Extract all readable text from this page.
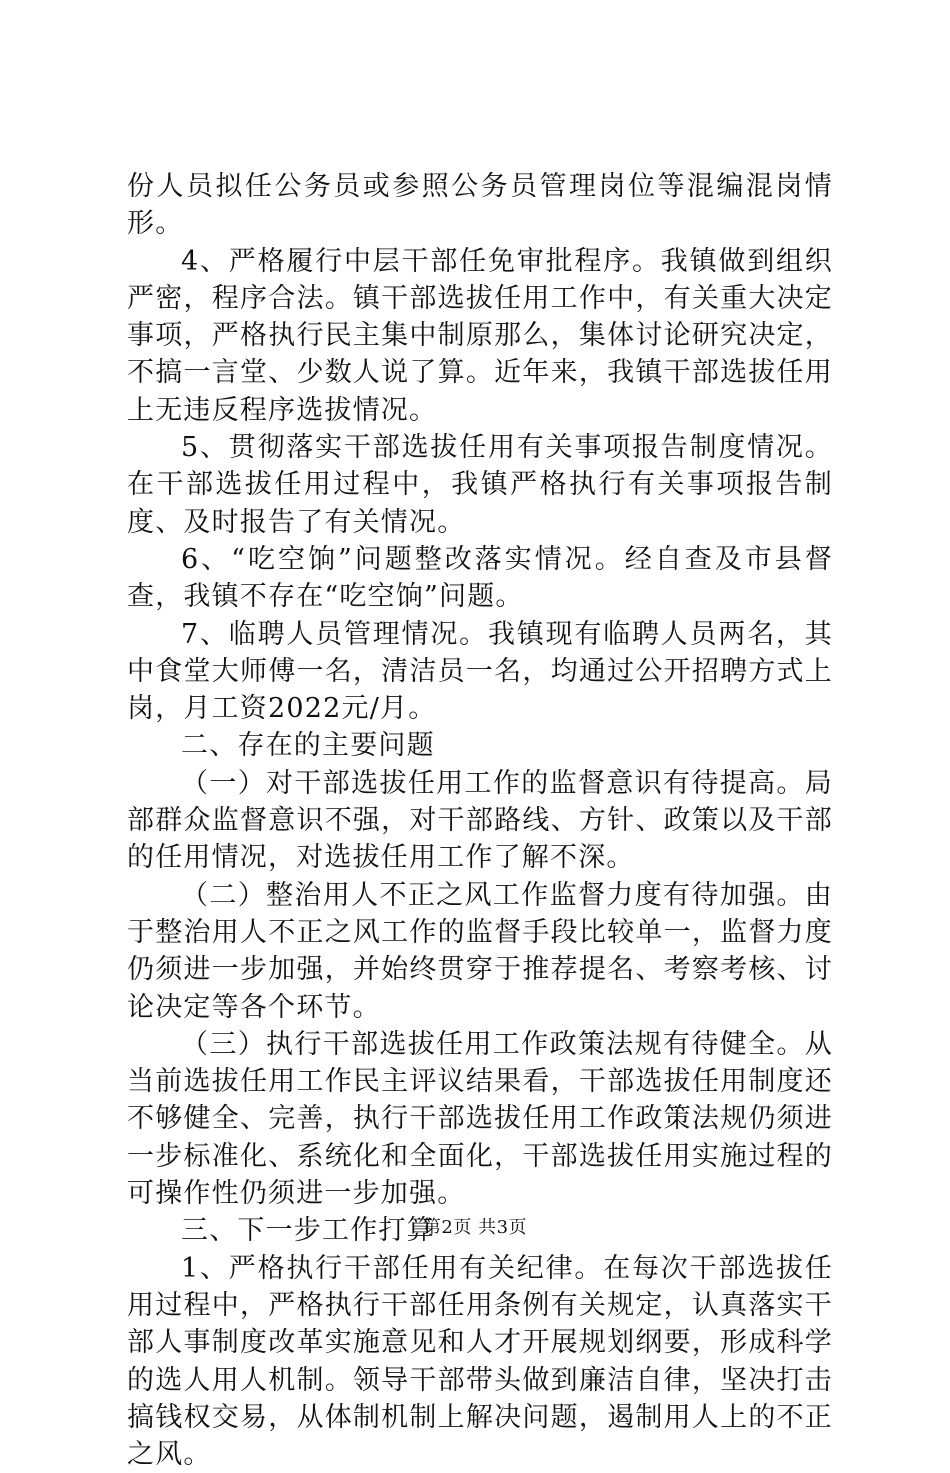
份人员拟任公务员或参照公务员管理岗位等混编混岗情形。

4、严格履行中层干部任免审批程序。我镇做到组织严密，程序合法。镇干部选拔任用工作中，有关重大决定事项，严格执行民主集中制原那么，集体讨论研究决定，不搞一言堂、少数人说了算。近年来，我镇干部选拔任用上无违反程序选拔情况。

5、贯彻落实干部选拔任用有关事项报告制度情况。在干部选拔任用过程中，我镇严格执行有关事项报告制度、及时报告了有关情况。

6、“吃空饷”问题整改落实情况。经自查及市县督查，我镇不存在“吃空饷”问题。

7、临聘人员管理情况。我镇现有临聘人员两名，其中食堂大师傅一名，清洁员一名，均通过公开招聘方式上岗，月工资2022元/月。

二、存在的主要问题

（一）对干部选拔任用工作的监督意识有待提高。局部群众监督意识不强，对干部路线、方针、政策以及干部的任用情况，对选拔任用工作了解不深。

（二）整治用人不正之风工作监督力度有待加强。由于整治用人不正之风工作的监督手段比较单一，监督力度仍须进一步加强，并始终贯穿于推荐提名、考察考核、讨论决定等各个环节。

（三）执行干部选拔任用工作政策法规有待健全。从当前选拔任用工作民主评议结果看，干部选拔任用制度还不够健全、完善，执行干部选拔任用工作政策法规仍须进一步标准化、系统化和全面化，干部选拔任用实施过程的可操作性仍须进一步加强。

三、下一步工作打算

1、严格执行干部任用有关纪律。在每次干部选拔任用过程中，严格执行干部任用条例有关规定，认真落实干部人事制度改革实施意见和人才开展规划纲要，形成科学的选人用人机制。领导干部带头做到廉洁自律，坚决打击搞钱权交易，从体制机制上解决问题，遏制用人上的不正之风。

第2页 共3页
